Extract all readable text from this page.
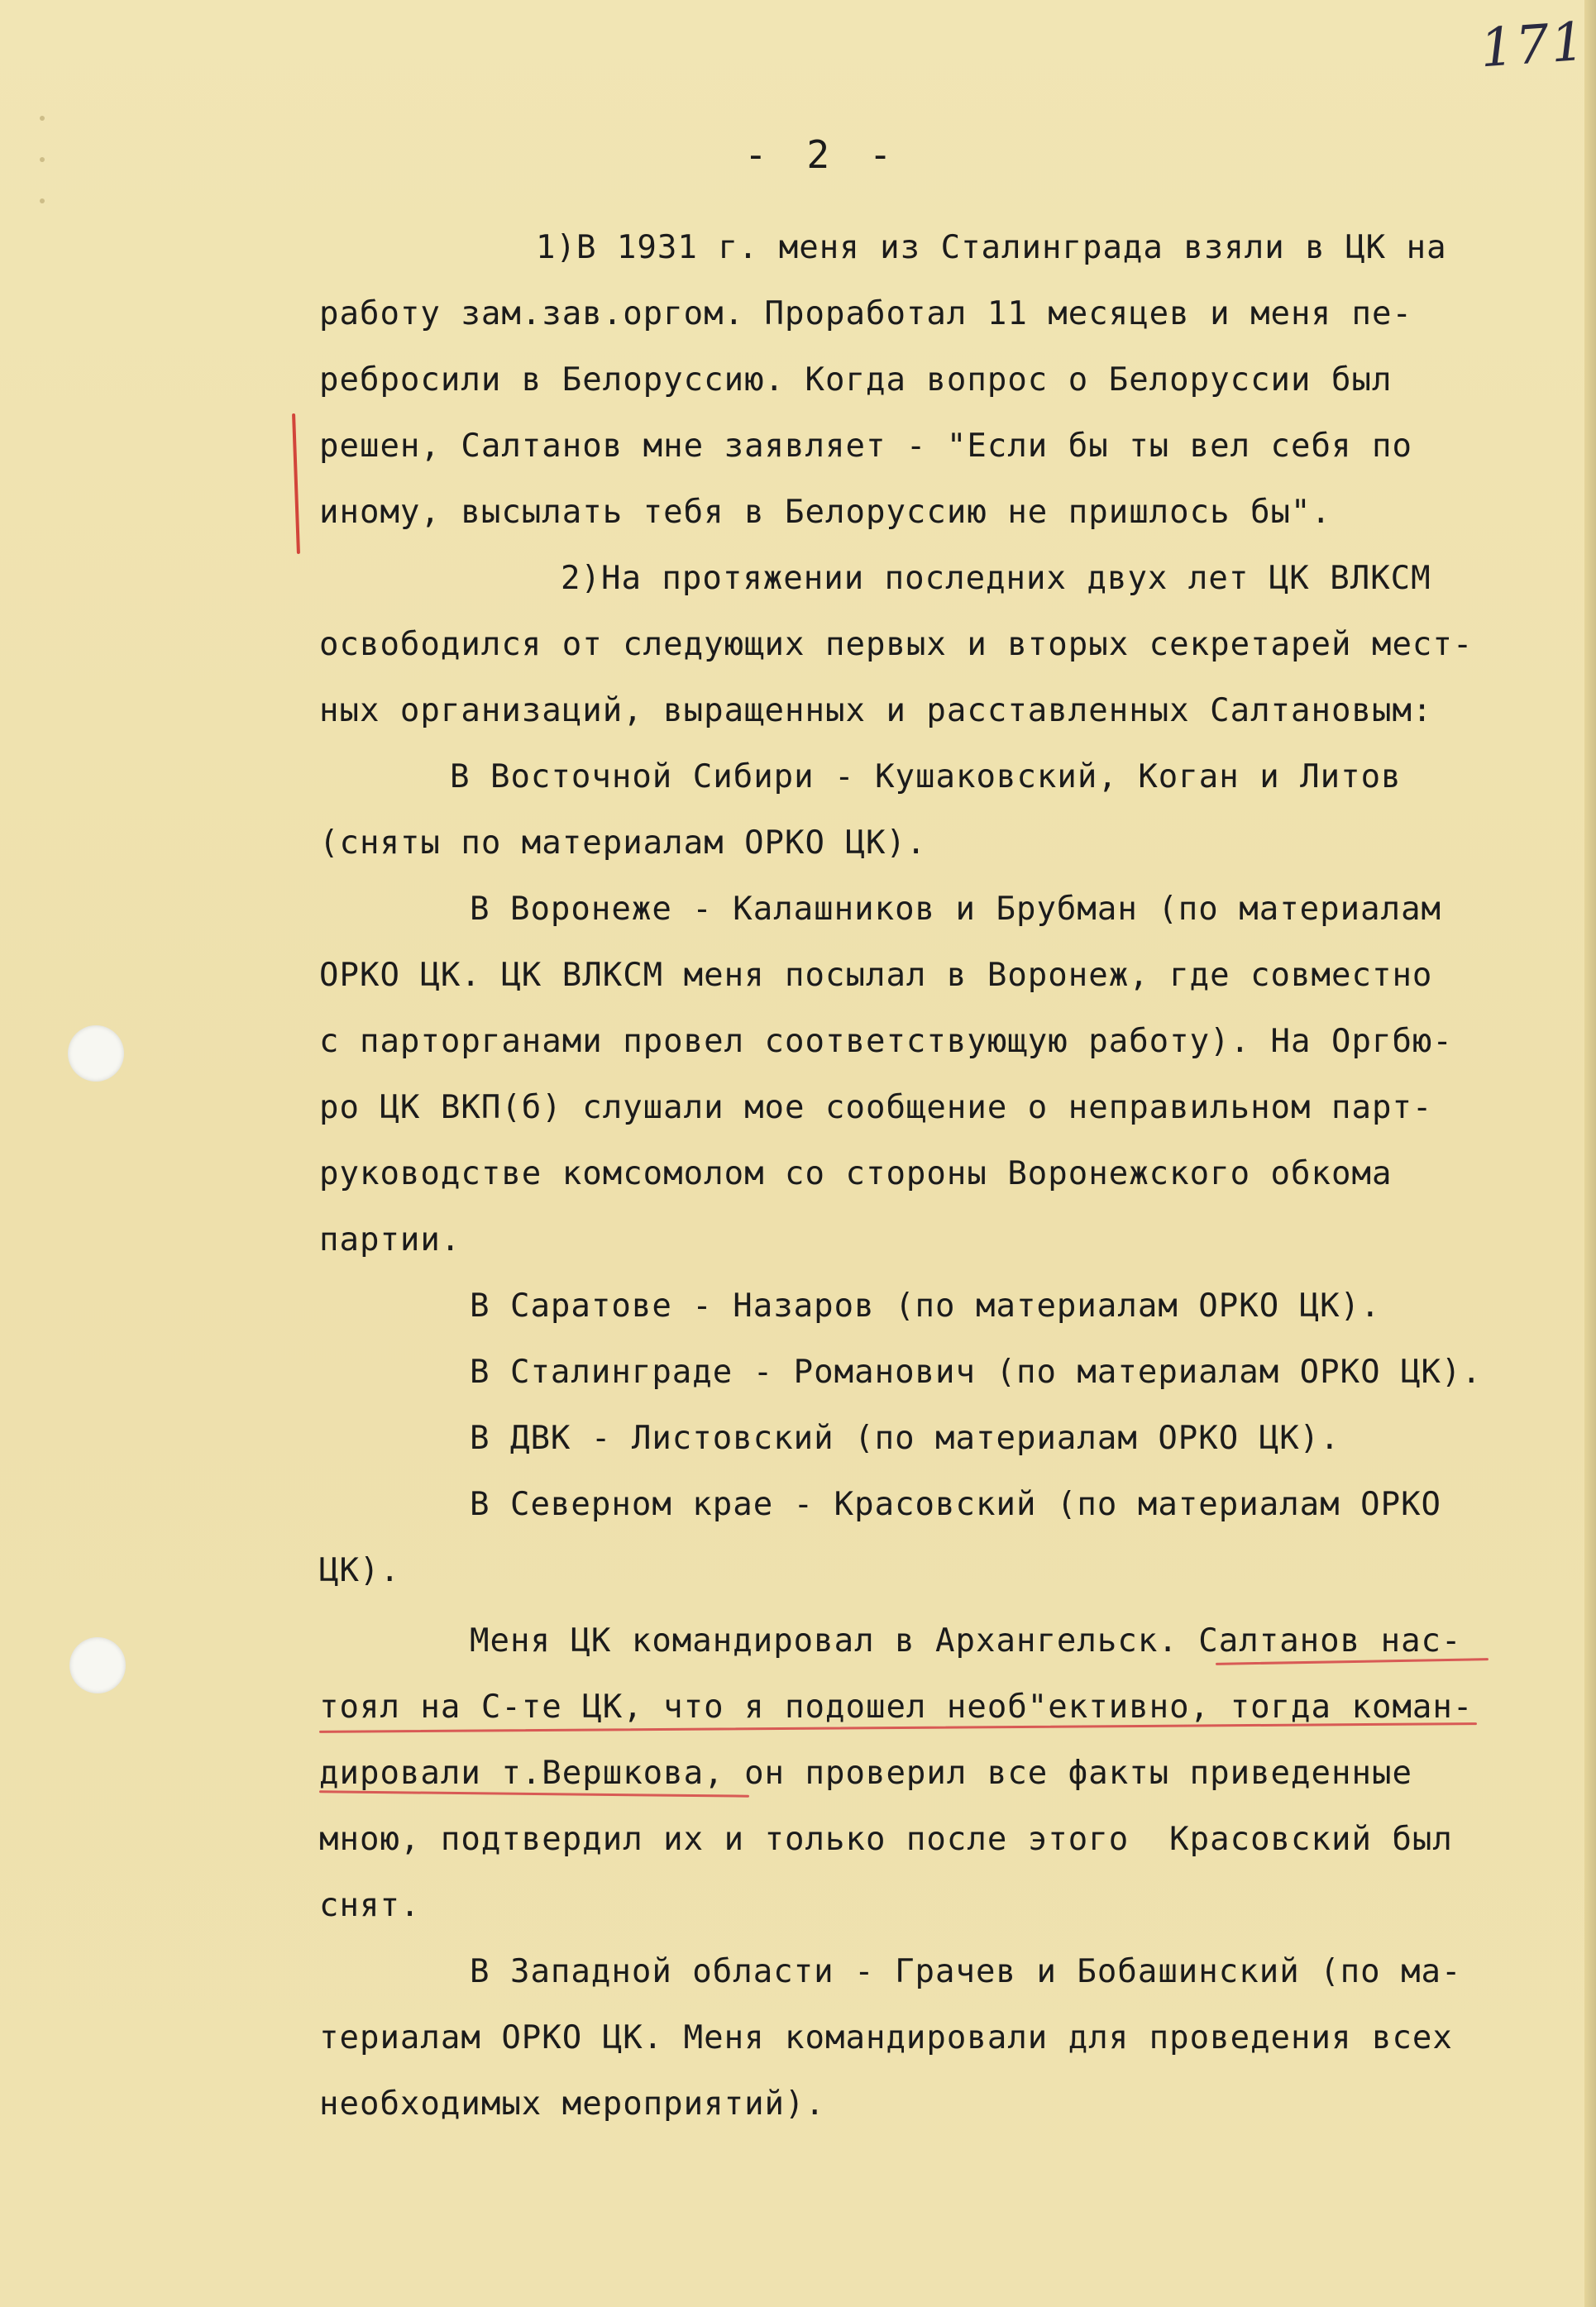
171
- 2 -
1)В 1931 г. меня из Сталинграда взяли в ЦК на
работу зам.зав.оргом. Проработал 11 месяцев и меня пе-
ребросили в Белоруссию. Когда вопрос о Белоруссии был
решен, Салтанов мне заявляет - "Если бы ты вел себя по
иному, высылать тебя в Белоруссию не пришлось бы".
2)На протяжении последних двух лет ЦК ВЛКСМ
освободился от следующих первых и вторых секретарей мест-
ных организаций, выращенных и расставленных Салтановым:
В Восточной Сибири - Кушаковский, Коган и Литов
(сняты по материалам ОРКО ЦК).
В Воронеже - Калашников и Брубман (по материалам
ОРКО ЦК. ЦК ВЛКСМ меня посылал в Воронеж, где совместно
с парторганами провел соответствующую работу). На Оргбю-
ро ЦК ВКП(б) слушали мое сообщение о неправильном парт-
руководстве комсомолом со стороны Воронежского обкома
партии.
В Саратове - Назаров (по материалам ОРКО ЦК).
В Сталинграде - Романович (по материалам ОРКО ЦК).
В ДВК - Листовский (по материалам ОРКО ЦК).
В Северном крае - Красовский (по материалам ОРКО
ЦК).
Меня ЦК командировал в Архангельск. Салтанов нас-
тоял на С-те ЦК, что я подошел необ"ективно, тогда коман-
дировали т.Вершкова, он проверил все факты приведенные
мною, подтвердил их и только после этого  Красовский был
снят.
В Западной области - Грачев и Бобашинский (по ма-
териалам ОРКО ЦК. Меня командировали для проведения всех
необходимых мероприятий).
